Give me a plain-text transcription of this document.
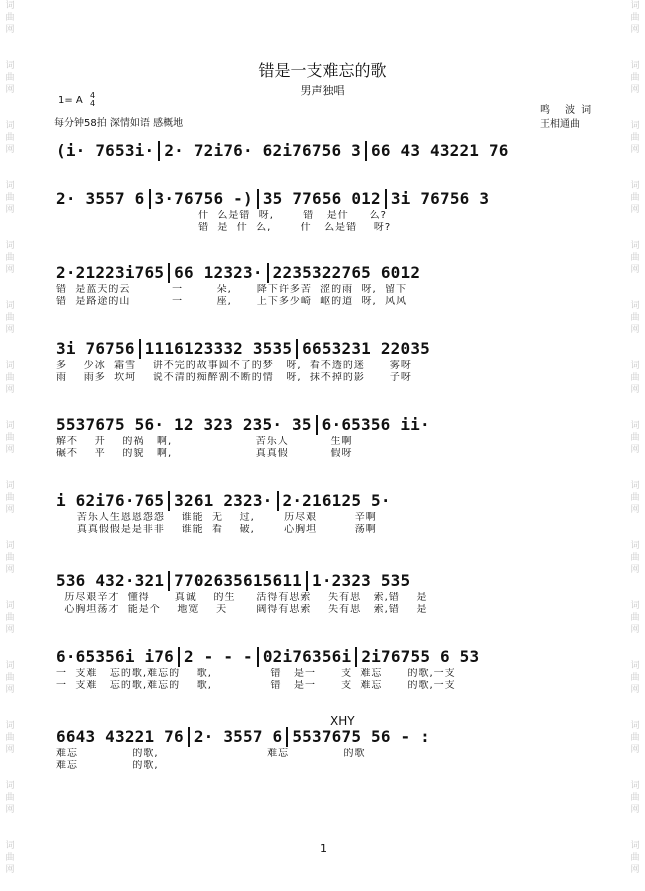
词
曲
网
词
曲
网
词
曲
网
词
曲
网
词
曲
网
词
曲
网
词
曲
网
词
曲
网
词
曲
网
词
曲
网
词
曲
网
词
曲
网
词
曲
网
词
曲
网
词
曲
网
词
曲
网
词
曲
网
词
曲
网
词
曲
网
词
曲
网
词
曲
网
词
曲
网
词
曲
网
词
曲
网
词
曲
网
词
曲
网
词
曲
网
词
曲
网
词
曲
网
词
曲
网
错是一支难忘的歌
男声独唱
1= A 4
4
每分钟58拍 深情如语 感概地
鸣 波词
王相通曲
(i· 7653i· 2· 72i76· 62i76756 3 66 43 43221 76
2· 3557 6 3·76756 -) 35 77656 012 3i 76756 3
什  么是错  呀,       错   是什     么?
错  是  什  么,       什   么是错    呀?
2·21223i765 66 12323· 2235322765 6012
错  是蓝天的云          一        朵,      降下许多苦  涩的雨  呀,  留下
错  是路途的山          一        座,      上下多少崎  岖的道  呀,  风风
3i 76756 1116123332 3535 6653231 22035
多    少冰  霜雪    讲不完的故事圆不了的梦   呀,  看不透的迷      雾呀
雨    雨多  坎坷    说不清的痴醉割不断的情   呀,  抹不掉的影      子呀
5537675 56· 12 323 235· 35 6·65356 ii·
解不    开    的祸   啊,                    苦乐人          生啊
碾不    平    的貌   啊,                    真真假          假呀
i 62i76·765 3261 2323· 2·216125 5·
苦乐人生恩恩怨怨    谁能  无    过,       历尽艰         辛啊
真真假假是是非非    谁能  看    破,       心胸坦         荡啊
536 432·321 7702635615611 1·2323 535
历尽艰辛才  懂得      真诚    的生     活得有思索    失有思   索,错    是
心胸坦荡才  能是个    地宽    天       阔得有思索    失有思   索,错    是
6·65356i i76 2 - - - 02i76356i 2i76755 6 53
一  支难   忘的歌,难忘的    歌,              错   是一      支  难忘      的歌,一支
一  支难   忘的歌,难忘的    歌,              错   是一      支  难忘      的歌,一支
6643 43221 76 2· 3557 6 5537675 56 - :
难忘             的歌,                          难忘             的歌
难忘             的歌,
XHY
1
